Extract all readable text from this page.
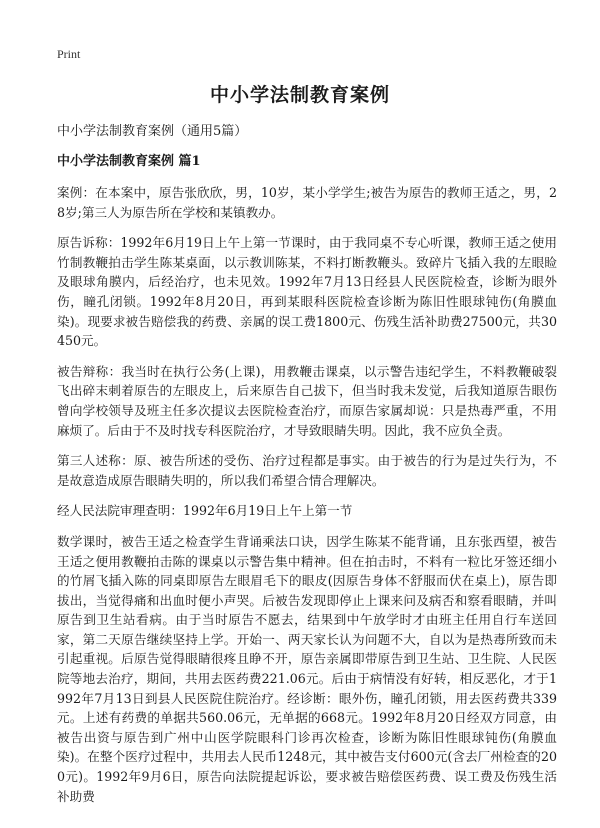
Print
中小学法制教育案例

中小学法制教育案例（通用5篇）

中小学法制教育案例 篇1

案例：在本案中，原告张欣欣，男，10岁，某小学学生;被告为原告的教师王适之，男，28岁;第三人为原告所在学校和某镇教办。

原告诉称：1992年6月19日上午上第一节课时，由于我同桌不专心听课，教师王适之使用竹制教鞭拍击学生陈某桌面，以示教训陈某，不料打断教鞭头。致碎片飞插入我的左眼睑及眼球角膜内，后经治疗，也未见效。1992年7月13日经县人民医院检查，诊断为眼外伤，瞳孔闭锁。1992年8月20日，再到某眼科医院检查诊断为陈旧性眼球钝伤(角膜血染)。现要求被告赔偿我的药费、亲属的误工费1800元、伤残生活补助费27500元，共30450元。

被告辩称：我当时在执行公务(上课)，用教鞭击课桌，以示警告违纪学生，不料教鞭破裂飞出碎末刺着原告的左眼皮上，后来原告自己拔下，但当时我未发觉，后我知道原告眼伤曾向学校领导及班主任多次提议去医院检查治疗，而原告家属却说：只是热毒严重，不用麻烦了。后由于不及时找专科医院治疗，才导致眼睛失明。因此，我不应负全责。

第三人述称：原、被告所述的受伤、治疗过程都是事实。由于被告的行为是过失行为，不是故意造成原告眼睛失明的，所以我们希望合情合理解决。

经人民法院审理查明：1992年6月19日上午上第一节

数学课时，被告王适之检查学生背诵乘法口诀，因学生陈某不能背诵，且东张西望，被告王适之便用教鞭拍击陈的课桌以示警告集中精神。但在拍击时，不料有一粒比牙签还细小的竹屑飞插入陈的同桌即原告左眼眉毛下的眼皮(因原告身体不舒服而伏在桌上)，原告即拔出，当觉得痛和出血时便小声哭。后被告发现即停止上课来问及病否和察看眼睛，并叫原告到卫生站看病。由于当时原告不愿去，结果到中午放学时才由班主任用自行车送回家，第二天原告继续坚持上学。开始一、两天家长认为问题不大，自以为是热毒所致而未引起重视。后原告觉得眼睛很疼且睁不开，原告亲属即带原告到卫生站、卫生院、人民医院等地去治疗，期间，共用去医药费221.06元。后由于病情没有好转，相反恶化，才于1992年7月13日到县人民医院住院治疗。经诊断：眼外伤，瞳孔闭锁，用去医药费共339元。上述有药费的单据共560.06元，无单据的668元。1992年8月20日经双方同意，由被告出资与原告到广州中山医学院眼科门诊再次检查，诊断为陈旧性眼球钝伤(角膜血染)。在整个医疗过程中，共用去人民币1248元，其中被告支付600元(含去厂州检查的200元)。1992年9月6日，原告向法院提起诉讼，要求被告赔偿医药费、误工费及伤残生活补助费
